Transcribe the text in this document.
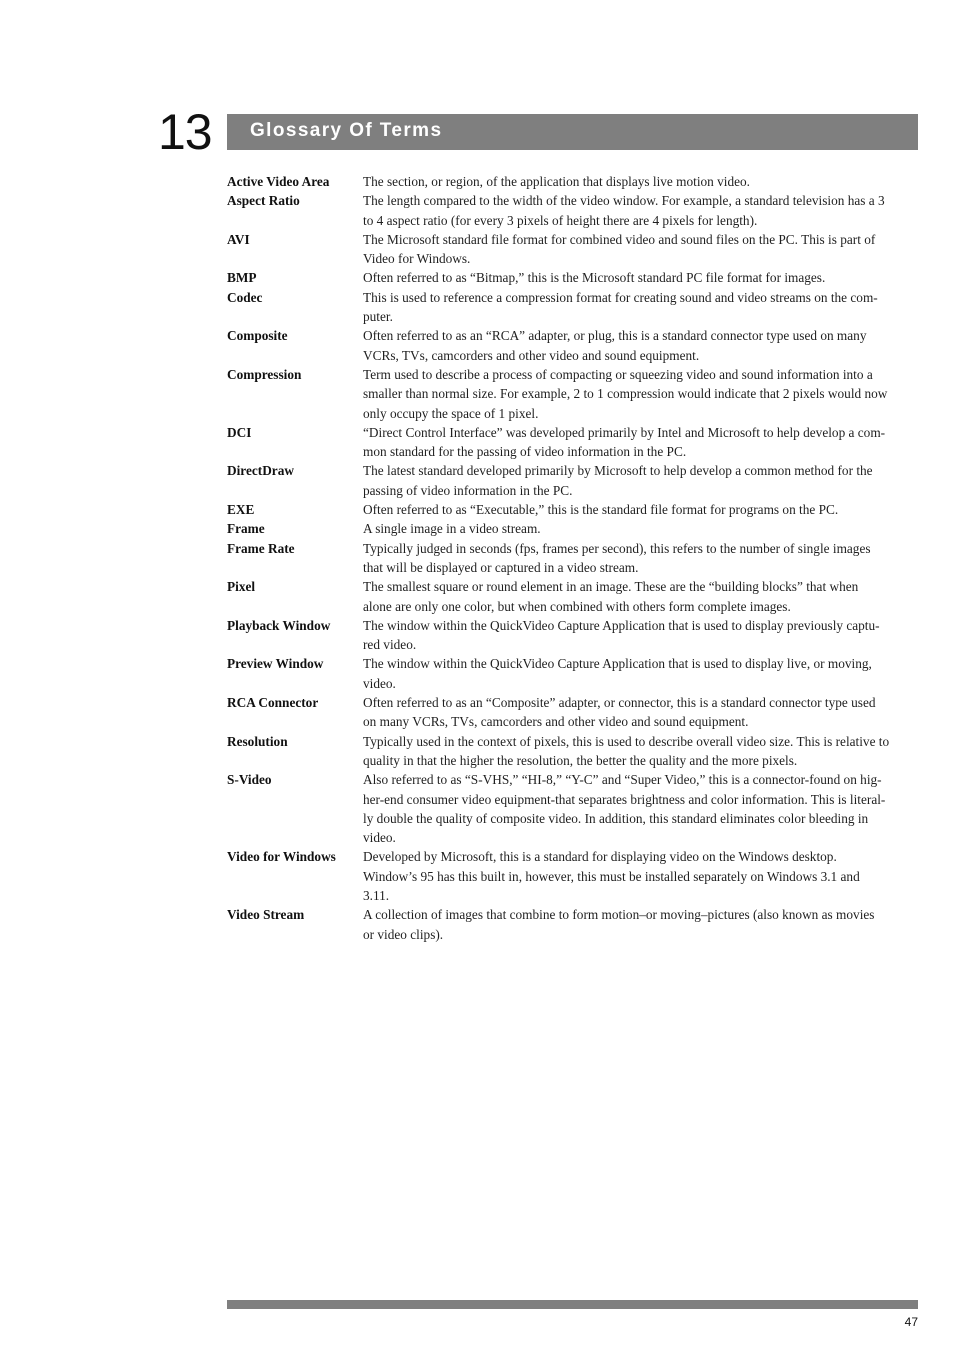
13 Glossary Of Terms
Active Video Area	The section, or region, of the application that displays live motion video.
Aspect Ratio	The length compared to the width of the video window. For example, a standard television has a 3
to 4 aspect ratio (for every 3 pixels of height there are 4 pixels for length).
AVI	The Microsoft standard file format for combined video and sound files on the PC. This is part of
Video for Windows.
BMP	Often referred to as “Bitmap,” this is the Microsoft standard PC file format for images.
Codec	This is used to reference a compression format for creating sound and video streams on the com-
puter.
Composite	Often referred to as an “RCA” adapter, or plug, this is a standard connector type used on many
VCRs, TVs, camcorders and other video and sound equipment.
Compression	Term used to describe a process of compacting or squeezing video and sound information into a
smaller than normal size. For example, 2 to 1 compression would indicate that 2 pixels would now
only occupy the space of 1 pixel.
DCI	“Direct Control Interface” was developed primarily by Intel and Microsoft to help develop a com-
mon standard for the passing of video information in the PC.
DirectDraw	The latest standard developed primarily by Microsoft to help develop a common method for the
passing of video information in the PC.
EXE	Often referred to as “Executable,” this is the standard file format for programs on the PC.
Frame	A single image in a video stream.
Frame Rate	Typically judged in seconds (fps, frames per second), this refers to the number of single images
that will be displayed or captured in a video stream.
Pixel	The smallest square or round element in an image. These are the “building blocks” that when
alone are only one color, but when combined with others form complete images.
Playback Window	The window within the QuickVideo Capture Application that is used to display previously captu-
red video.
Preview Window	The window within the QuickVideo Capture Application that is used to display live, or moving,
video.
RCA Connector	Often referred to as an “Composite” adapter, or connector, this is a standard connector type used
on many VCRs, TVs, camcorders and other video and sound equipment.
Resolution	Typically used in the context of pixels, this is used to describe overall video size. This is relative to
quality in that the higher the resolution, the better the quality and the more pixels.
S-Video	Also referred to as “S-VHS,” “HI-8,” “Y-C” and “Super Video,” this is a connector-found on hig-
her-end consumer video equipment-that separates brightness and color information. This is literal-
ly double the quality of composite video. In addition, this standard eliminates color bleeding in
video.
Video for Windows	Developed by Microsoft, this is a standard for displaying video on the Windows desktop.
Window’s 95 has this built in, however, this must be installed separately on Windows 3.1 and
3.11.
Video Stream	A collection of images that combine to form motion–or moving–pictures (also known as movies
or video clips).
47
